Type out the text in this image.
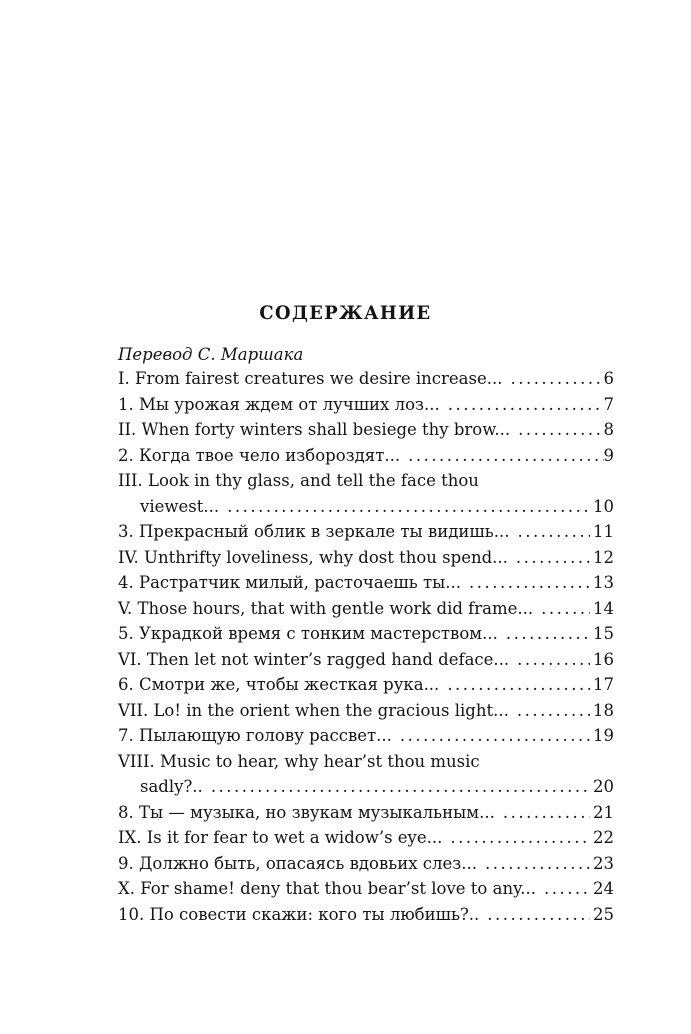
СОДЕРЖАНИЕ
Перевод С. Маршака
I. From fairest creatures we desire increase... .....	6
1. Мы урожая ждем от лучших лоз... .....	7
II. When forty winters shall besiege thy brow... .....	8
2. Когда твое чело избороздят... .....	9
III. Look in thy glass, and tell the face thou
viewest... .....	10
3. Прекрасный облик в зеркале ты видишь... .....	11
IV. Unthrifty loveliness, why dost thou spend... .....	12
4. Растратчик милый, расточаешь ты... .....	13
V. Those hours, that with gentle work did frame... .....	14
5. Украдкой время с тонким мастерством... .....	15
VI. Then let not winter’s ragged hand deface... .....	16
6. Смотри же, чтобы жесткая рука... .....	17
VII. Lo! in the orient when the gracious light... .....	18
7. Пылающую голову рассвет... .....	19
VIII. Music to hear, why hear’st thou music
sadly?.. .....	20
8. Ты — музыка, но звукам музыкальным... .....	21
IX. Is it for fear to wet a widow’s eye... .....	22
9. Должно быть, опасаясь вдовьих слез... .....	23
X. For shame! deny that thou bear’st love to any... .....	24
10. По совести скажи: кого ты любишь?.. .....	25
